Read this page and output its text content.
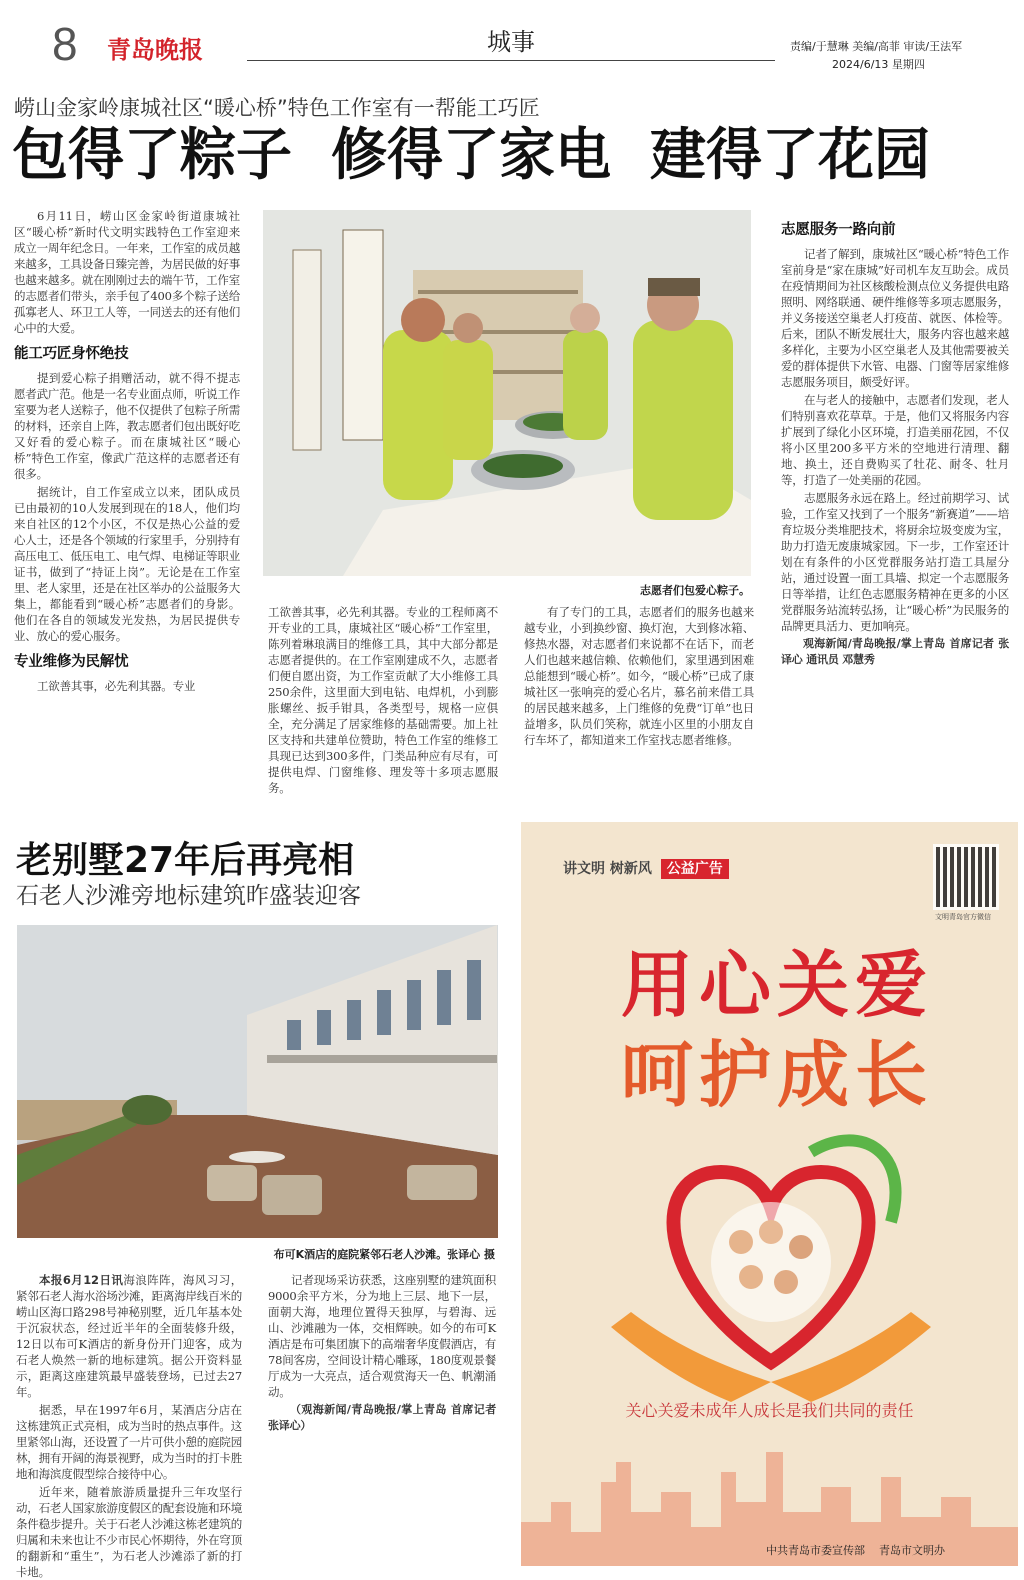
8 青岛晚报	城事	责编/于慧琳 美编/高菲 审读/王法军
2024/6/13 星期四
崂山金家岭康城社区“暖心桥”特色工作室有一帮能工巧匠
包得了粽子  修得了家电  建得了花园

6月11日，崂山区金家岭街道康城社区“暖心桥”新时代文明实践特色工作室迎来成立一周年纪念日。一年来，工作室的成员越来越多，工具设备日臻完善，为居民做的好事也越来越多。就在刚刚过去的端午节，工作室的志愿者们带头，亲手包了400多个粽子送给孤寡老人、环卫工人等，一同送去的还有他们心中的大爱。

能工巧匠身怀绝技

提到爱心粽子捐赠活动，就不得不提志愿者武广范。他是一名专业面点师，听说工作室要为老人送粽子，他不仅提供了包粽子所需的材料，还亲自上阵，教志愿者们包出既好吃又好看的爱心粽子。而在康城社区“暖心桥”特色工作室，像武广范这样的志愿者还有很多。

据统计，自工作室成立以来，团队成员已由最初的10人发展到现在的18人，他们均来自社区的12个小区，不仅是热心公益的爱心人士，还是各个领域的行家里手，分别持有高压电工、低压电工、电气焊、电梯证等职业证书，做到了“持证上岗”。无论是在工作室里、老人家里，还是在社区举办的公益服务大集上，都能看到“暖心桥”志愿者们的身影。他们在各自的领域发光发热，为居民提供专业、放心的爱心服务。

专业维修为民解忧

工欲善其事，必先利其器。专业

志愿者们包爱心粽子。

工欲善其事，必先利其器。专业的工程师离不开专业的工具，康城社区“暖心桥”工作室里，陈列着琳琅满目的维修工具，其中大部分都是志愿者提供的。在工作室刚建成不久，志愿者们便自愿出资，为工作室贡献了大小维修工具250余件，这里面大到电钻、电焊机，小到膨胀螺丝、扳手钳具，各类型号，规格一应俱全，充分满足了居家维修的基础需要。加上社区支持和共建单位赞助，特色工作室的维修工具现已达到300多件，门类品种应有尽有，可提供电焊、门窗维修、理发等十多项志愿服务。

有了专门的工具，志愿者们的服务也越来越专业，小到换纱窗、换灯泡，大到修冰箱、修热水器，对志愿者们来说都不在话下，而老人们也越来越信赖、依赖他们，家里遇到困难总能想到“暖心桥”。如今，“暖心桥”已成了康城社区一张响亮的爱心名片，慕名前来借工具的居民越来越多，上门维修的免费“订单”也日益增多，队员们笑称，就连小区里的小朋友自行车坏了，都知道来工作室找志愿者维修。

志愿服务一路向前

记者了解到，康城社区“暖心桥”特色工作室前身是“家在康城”好司机车友互助会。成员在疫情期间为社区核酸检测点位义务提供电路照明、网络联通、硬件维修等多项志愿服务，并义务接送空巢老人打疫苗、就医、体检等。后来，团队不断发展壮大，服务内容也越来越多样化，主要为小区空巢老人及其他需要被关爱的群体提供下水管、电器、门窗等居家维修志愿服务项目，颇受好评。

在与老人的接触中，志愿者们发现，老人们特别喜欢花草草。于是，他们又将服务内容扩展到了绿化小区环境，打造美丽花园，不仅将小区里200多平方米的空地进行清理、翻地、换土，还自费购买了牡花、耐冬、牡月等，打造了一处美丽的花园。

志愿服务永远在路上。经过前期学习、试验，工作室又找到了一个服务“新赛道”——培育垃圾分类堆肥技术，将厨余垃圾变废为宝，助力打造无废康城家园。下一步，工作室还计划在有条件的小区党群服务站打造工具屋分站，通过设置一面工具墙、拟定一个志愿服务日等举措，让红色志愿服务精神在更多的小区党群服务站流转弘扬，让“暖心桥”为民服务的品牌更具活力、更加响亮。

观海新闻/青岛晚报/掌上青岛 首席记者 张译心 通讯员 邓慧秀

老别墅27年后再亮相
石老人沙滩旁地标建筑昨盛装迎客
布可K酒店的庭院紧邻石老人沙滩。张译心 摄

本报6月12日讯海浪阵阵，海风习习，紧邻石老人海水浴场沙滩，距离海岸线百米的崂山区海口路298号神秘别墅，近几年基本处于沉寂状态，经过近半年的全面装修升级，12日以布可K酒店的新身份开门迎客，成为石老人焕然一新的地标建筑。据公开资料显示，距离这座建筑最早盛装登场，已过去27年。

据悉，早在1997年6月，某酒店分店在这栋建筑正式亮相，成为当时的热点事件。这里紧邻山海，还设置了一片可供小憩的庭院园林，拥有开阔的海景视野，成为当时的打卡胜地和海滨度假型综合接待中心。

近年来，随着旅游质量提升三年攻坚行动，石老人国家旅游度假区的配套设施和环境条件稳步提升。关于石老人沙滩这栋老建筑的归属和未来也让不少市民心怀期待，外在穹顶的翻新和“重生”，为石老人沙滩添了新的打卡地。

记者现场采访获悉，这座别墅的建筑面积9000余平方米，分为地上三层、地下一层，面朝大海，地理位置得天独厚，与碧海、远山、沙滩融为一体，交相辉映。如今的布可K酒店是布可集团旗下的高端奢华度假酒店，有78间客房，空间设计精心雕琢，180度观景餐厅成为一大亮点，适合观赏海天一色、帆潮涌动。

（观海新闻/青岛晚报/掌上青岛 首席记者 张译心）

讲文明 树新风 公益广告
文明青岛官方微信
用心关爱
呵护成长
关心关爱未成年人成长是我们共同的责任
中共青岛市委宣传部    青岛市文明办
